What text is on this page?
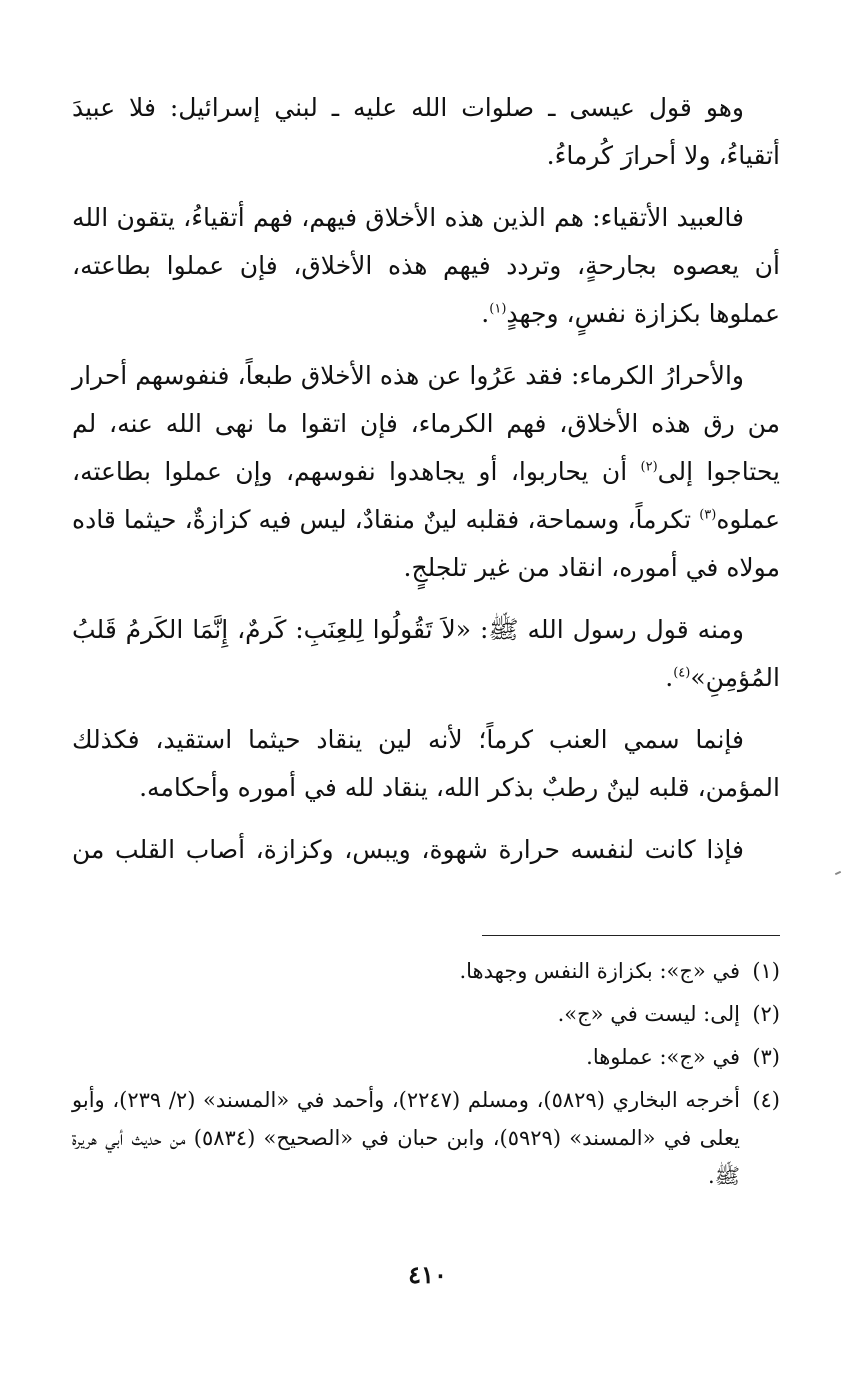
وهو قول عيسى ـ صلوات الله عليه ـ لبني إسرائيل: فلا عبيدَ أتقياءُ، ولا أحرارَ كُرماءُ.

فالعبيد الأتقياء: هم الذين هذه الأخلاق فيهم، فهم أتقياءُ، يتقون الله أن يعصوه بجارحةٍ، وتردد فيهم هذه الأخلاق، فإن عملوا بطاعته، عملوها بكزازة نفسٍ، وجهدٍ$^{(١)}$.

والأحرارُ الكرماء: فقد عَرُوا عن هذه الأخلاق طبعاً، فنفوسهم أحرار من رق هذه الأخلاق، فهم الكرماء، فإن اتقوا ما نهى الله عنه، لم يحتاجوا إلى$^{(٢)}$ أن يحاربوا، أو يجاهدوا نفوسهم، وإن عملوا بطاعته، عملوه$^{(٣)}$ تكرماً، وسماحة، فقلبه لينٌ منقادٌ، ليس فيه كزازةٌ، حيثما قاده مولاه في أموره، انقاد من غير تلجلجٍ.

ومنه قول رسول الله ﷺ: «لاَ تَقُولُوا لِلعِنَبِ: كَرمٌ، إِنَّمَا الكَرمُ قَلبُ المُؤمِنِ»$^{(٤)}$.

فإنما سمي العنب كرماً؛ لأنه لين ينقاد حيثما استقيد، فكذلك المؤمن، قلبه لينٌ رطبٌ بذكر الله، ينقاد لله في أموره وأحكامه.

فإذا كانت لنفسه حرارة شهوة، ويبس، وكزازة، أصاب القلب من

(١)
في «ج»: بكزازة النفس وجهدها.
(٢)
إلى: ليست في «ج».
(٣)
في «ج»: عملوها.
(٤)
أخرجه البخاري (٥٨٢٩)، ومسلم (٢٢٤٧)، وأحمد في «المسند» (٢/ ٢٣٩)، وأبو يعلى في «المسند» (٥٩٢٩)، وابن حبان في «الصحيح» (٥٨٣٤) من حديث أبي هريرة ﷺ.
٤١٠
